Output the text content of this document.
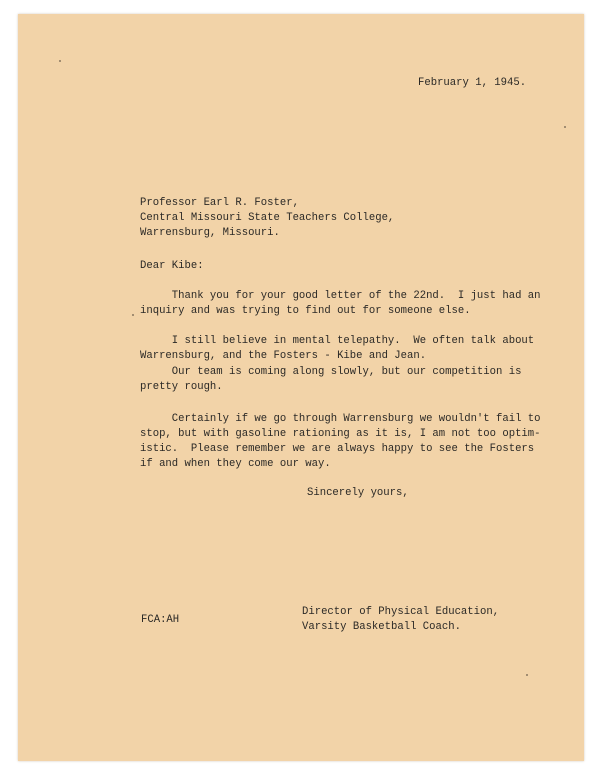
February 1, 1945.
Professor Earl R. Foster,
Central Missouri State Teachers College,
Warrensburg, Missouri.
Dear Kibe:
Thank you for your good letter of the 22nd.  I just had an
inquiry and was trying to find out for someone else.
I still believe in mental telepathy.  We often talk about
Warrensburg, and the Fosters - Kibe and Jean.
Our team is coming along slowly, but our competition is
pretty rough.
Certainly if we go through Warrensburg we wouldn't fail to
stop, but with gasoline rationing as it is, I am not too optim-
istic.  Please remember we are always happy to see the Fosters
if and when they come our way.
Sincerely yours,
FCA:AH
Director of Physical Education,
Varsity Basketball Coach.
